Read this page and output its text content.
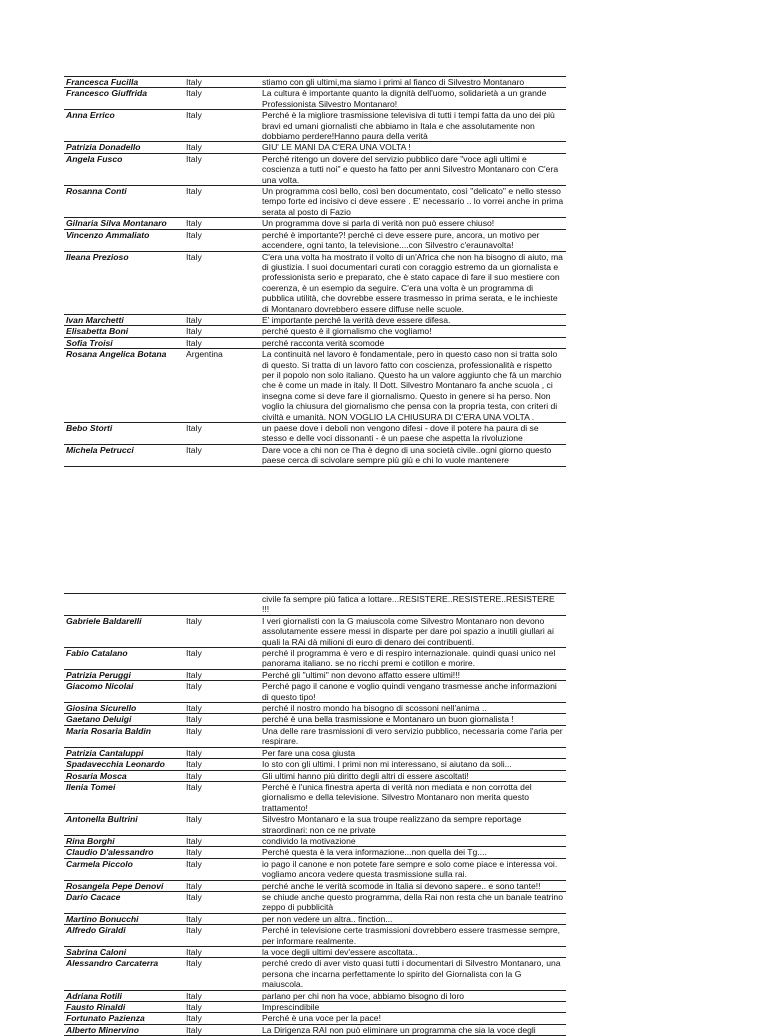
Francesca Fucilla	Italy	stiamo con gli ultimi,ma siamo i primi al fianco di Silvestro Montanaro
Francesco Giuffrida	Italy	La cultura è importante quanto la dignità dell'uomo, solidarietà a un grande Professionista Silvestro Montanaro!
Anna Errico	Italy	Perché è la migliore trasmissione televisiva di tutti i tempi fatta da uno dei più bravi ed umani giornalisti che abbiamo in Itala e che assolutamente non dobbiamo perdere!Hanno paura della verità
Patrizia Donadello	Italy	GIU' LE MANI DA C'ERA UNA VOLTA !
Angela Fusco	Italy	Perché ritengo un dovere del servizio pubblico dare "voce agli ultimi e coscienza a tutti noi" e questo ha fatto per anni Silvestro Montanaro con C'era una volta.
Rosanna Conti	Italy	Un programma così bello, così ben documentato, così "delicato" e nello stesso tempo forte ed incisivo ci deve essere . E' necessario .. lo vorrei anche in prima serata al posto di Fazio
Gilnaria Silva Montanaro	Italy	Un programma dove si parla di verità non può essere chiuso!
Vincenzo Ammaliato	Italy	perché è importante?! perché ci deve essere pure, ancora, un motivo per accendere, ogni tanto, la televisione....con Silvestro c'eraunavolta!
Ileana Prezioso	Italy	C'era una volta ha mostrato il volto di un'Africa che non ha bisogno di aiuto, ma di giustizia. I suoi documentari curati con coraggio estremo da un giornalista e professionista serio e preparato, che è stato capace di fare il suo mestiere con coerenza, è un esempio da seguire. C'era una volta è un programma di pubblica utilità, che dovrebbe essere trasmesso in prima serata, e le inchieste di Montanaro dovrebbero essere diffuse nelle scuole.
Ivan Marchetti	Italy	E' importante perché la verità deve essere difesa.
Elisabetta Boni	Italy	perché questo è il giornalismo che vogliamo!
Sofia Troisi	Italy	perché racconta verità scomode
Rosana Angelica Botana	Argentina	La continuità nel lavoro è fondamentale, pero in questo caso non si tratta solo di questo. Si tratta di un lavoro fatto con coscienza, professionalità e rispetto per il popolo non solo italiano. Questo ha un valore aggiunto che fà un marchio che è come un made in italy. Il Dott. Silvestro Montanaro fa anche scuola , ci insegna come si deve fare il giornalismo. Questo in genere si ha perso. Non voglio la chiusura del giornalismo che pensa con la propria testa, con criteri di civiltà e umanità. NON VOGLIO LA CHIUSURA DI C'ERA UNA VOLTA .
Bebo Storti	Italy	un paese dove i deboli non vengono difesi - dove il potere ha paura di se stesso e delle voci dissonanti - è un paese che aspetta la rivoluzione
Michela Petrucci	Italy	Dare voce a chi non ce l'ha è degno di una società civile..ogni giorno questo paese cerca di scivolare sempre più giù e chi lo vuole mantenere
civile fa sempre più fatica a lottare...RESISTERE..RESISTERE..RESISTERE !!!
Gabriele Baldarelli	Italy	I veri giornalisti con la G maiuscola come Silvestro Montanaro non devono assolutamente essere messi in disparte per dare poi spazio a inutili giullari ai quali la RAi dà milioni di euro di denaro dei contribuenti.
Fabio Catalano	Italy	perché il programma è vero e di respiro internazionale. quindi quasi unico nel panorama italiano. se no ricchi premi e cotillon e morire.
Patrizia Peruggi	Italy	Perché gli "ultimi" non devono affatto essere ultimi!!!
Giacomo Nicolai	Italy	Perché pago il canone e voglio quindi vengano trasmesse anche informazioni di questo tipo!
Giosina Sicurello	Italy	perché il nostro mondo ha bisogno di scossoni nell'anima ..
Gaetano Deluigi	Italy	perché è una bella trasmissione e Montanaro un buon giornalista !
Maria Rosaria Baldin	Italy	Una delle rare trasmissioni di vero servizio pubblico, necessaria come l'aria per respirare.
Patrizia Cantaluppi	Italy	Per fare una cosa giusta
Spadavecchia Leonardo	Italy	Io sto con gli ultimi. I primi non mi interessano, si aiutano da soli...
Rosaria Mosca	Italy	Gli ultimi hanno più diritto degli altri di essere ascoltati!
Ilenia Tomei	Italy	Perché è l'unica finestra aperta di verità non mediata e non corrotta del giornalismo e della televisione. Silvestro Montanaro non merita questo trattamento!
Antonella Bultrini	Italy	Silvestro Montanaro e la sua troupe realizzano da sempre reportage straordinari: non ce ne private
Rina Borghi	Italy	condivido la motivazione
Claudio D'alessandro	Italy	Perché questa è la vera informazione...non quella dei Tg....
Carmela Piccolo	Italy	io pago il canone e non potete fare sempre e solo come piace e interessa voi. vogliamo ancora vedere questa trasmissione sulla rai.
Rosangela Pepe Denovi	Italy	perché anche le verità scomode in Italia si devono sapere.. e sono tante!!
Dario Cacace	Italy	se chiude anche questo programma, della Rai non resta che un banale teatrino zeppo di pubblicità
Martino Bonucchi	Italy	per non vedere un altra.. finction...
Alfredo Giraldi	Italy	Perché in televisione certe trasmissioni dovrebbero essere trasmesse sempre, per informare realmente.
Sabrina Caloni	Italy	la voce degli ultimi dev'essere ascoltata..
Alessandro Carcaterra	Italy	perché credo di aver visto quasi tutti i documentari di Silvestro Montanaro, una persona che incarna perfettamente lo spirito del Giornalista con la G maiuscola.
Adriana Rotili	Italy	parlano per chi non ha voce, abbiamo bisogno di loro
Fausto Rinaldi	Italy	Imprescindibile
Fortunato Pazienza	Italy	Perché è una voce per la pace!
Alberto Minervino	Italy	La Dirigenza RAI non può eliminare un programma che sia la voce degli
